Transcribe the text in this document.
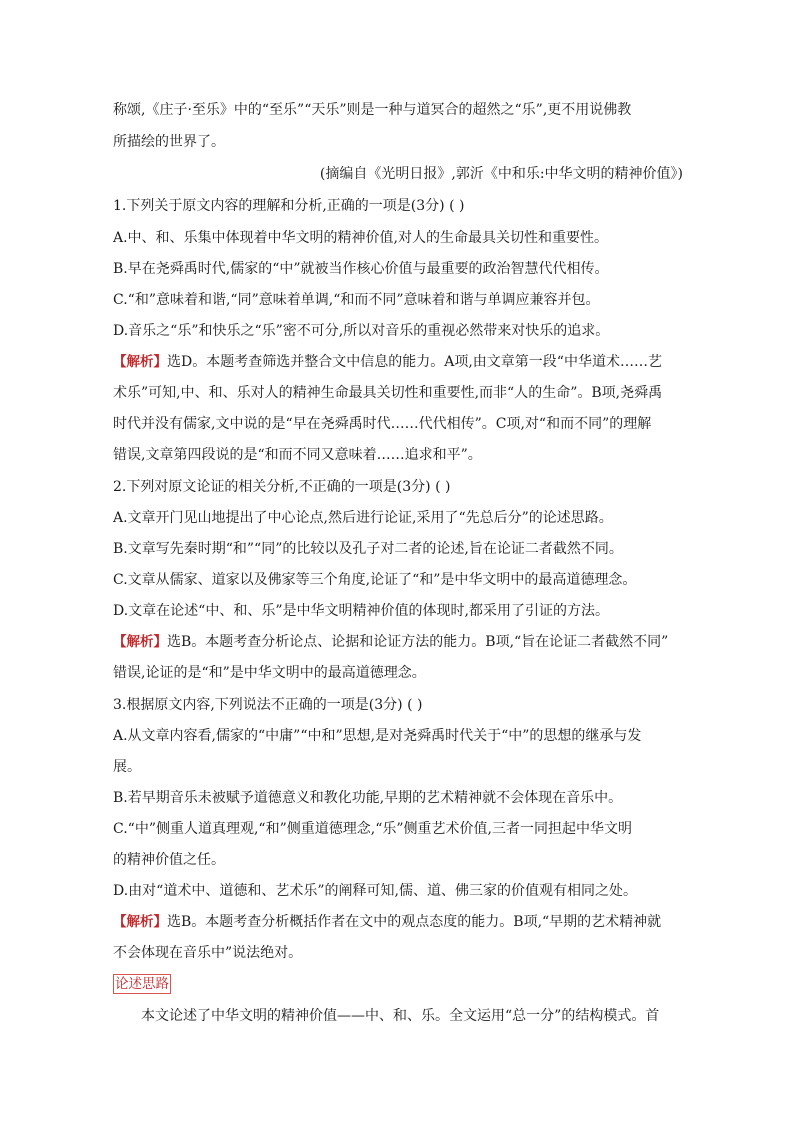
称颂,《庄子·至乐》中的“至乐”“天乐”则是一种与道冥合的超然之“乐”,更不用说佛教
所描绘的世界了。
(摘编自《光明日报》,郭沂《中和乐:中华文明的精神价值》)
1.下列关于原文内容的理解和分析,正确的一项是(3分) ( )
A.中、和、乐集中体现着中华文明的精神价值,对人的生命最具关切性和重要性。
B.早在尧舜禹时代,儒家的“中”就被当作核心价值与最重要的政治智慧代代相传。
C.“和”意味着和谐,“同”意味着单调,“和而不同”意味着和谐与单调应兼容并包。
D.音乐之“乐”和快乐之“乐”密不可分,所以对音乐的重视必然带来对快乐的追求。
【解析】选D。本题考查筛选并整合文中信息的能力。A项,由文章第一段“中华道术……艺
术乐”可知,中、和、乐对人的精神生命最具关切性和重要性,而非“人的生命”。B项,尧舜禹
时代并没有儒家,文中说的是“早在尧舜禹时代……代代相传”。C项,对“和而不同”的理解
错误,文章第四段说的是“和而不同又意味着……追求和平”。
2.下列对原文论证的相关分析,不正确的一项是(3分) ( )
A.文章开门见山地提出了中心论点,然后进行论证,采用了“先总后分”的论述思路。
B.文章写先秦时期“和”“同”的比较以及孔子对二者的论述,旨在论证二者截然不同。
C.文章从儒家、道家以及佛家等三个角度,论证了“和”是中华文明中的最高道德理念。
D.文章在论述“中、和、乐”是中华文明精神价值的体现时,都采用了引证的方法。
【解析】选B。本题考查分析论点、论据和论证方法的能力。B项,“旨在论证二者截然不同”
错误,论证的是“和”是中华文明中的最高道德理念。
3.根据原文内容,下列说法不正确的一项是(3分) ( )
A.从文章内容看,儒家的“中庸”“中和”思想,是对尧舜禹时代关于“中”的思想的继承与发
展。
B.若早期音乐未被赋予道德意义和教化功能,早期的艺术精神就不会体现在音乐中。
C.“中”侧重人道真理观,“和”侧重道德理念,“乐”侧重艺术价值,三者一同担起中华文明
的精神价值之任。
D.由对“道术中、道德和、艺术乐”的阐释可知,儒、道、佛三家的价值观有相同之处。
【解析】选B。本题考查分析概括作者在文中的观点态度的能力。B项,“早期的艺术精神就
不会体现在音乐中”说法绝对。
论述思路
本文论述了中华文明的精神价值——中、和、乐。全文运用“总一分”的结构模式。首
